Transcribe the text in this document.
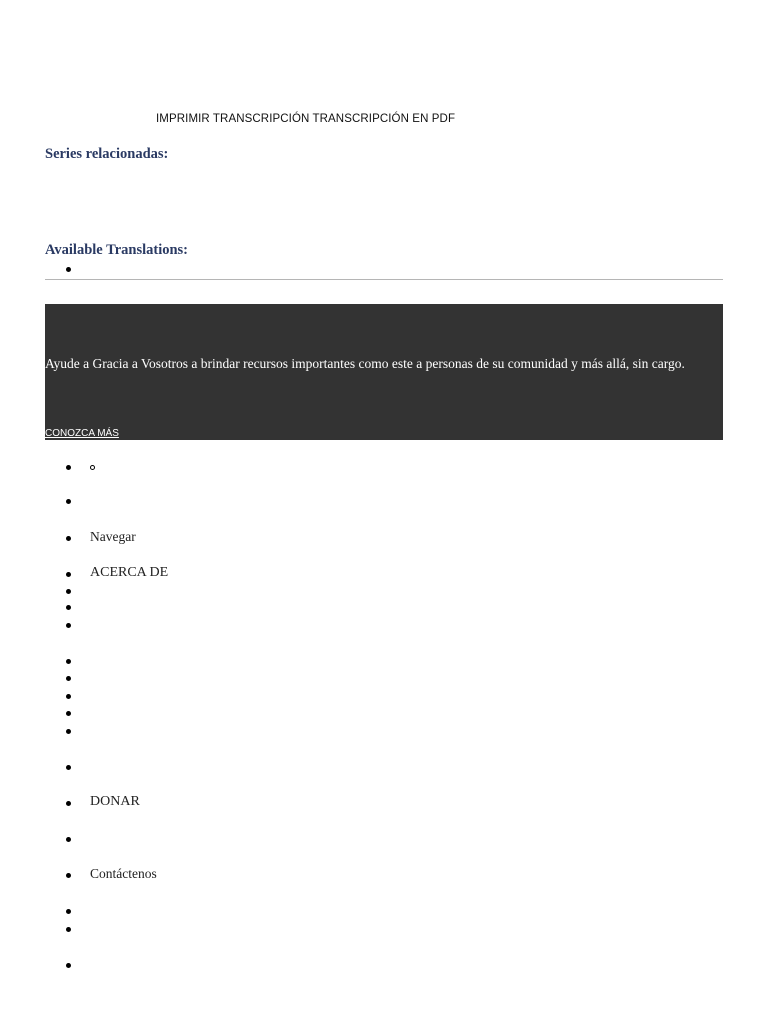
IMPRIMIR TRANSCRIPCIÓN TRANSCRIPCIÓN EN PDF
Series relacionadas:
Available Translations:
Ayude a Gracia a Vosotros a brindar recursos importantes como este a personas de su comunidad y más allá, sin cargo.
CONOZCA MÁS
Navegar
ACERCA DE
DONAR
Contáctenos
